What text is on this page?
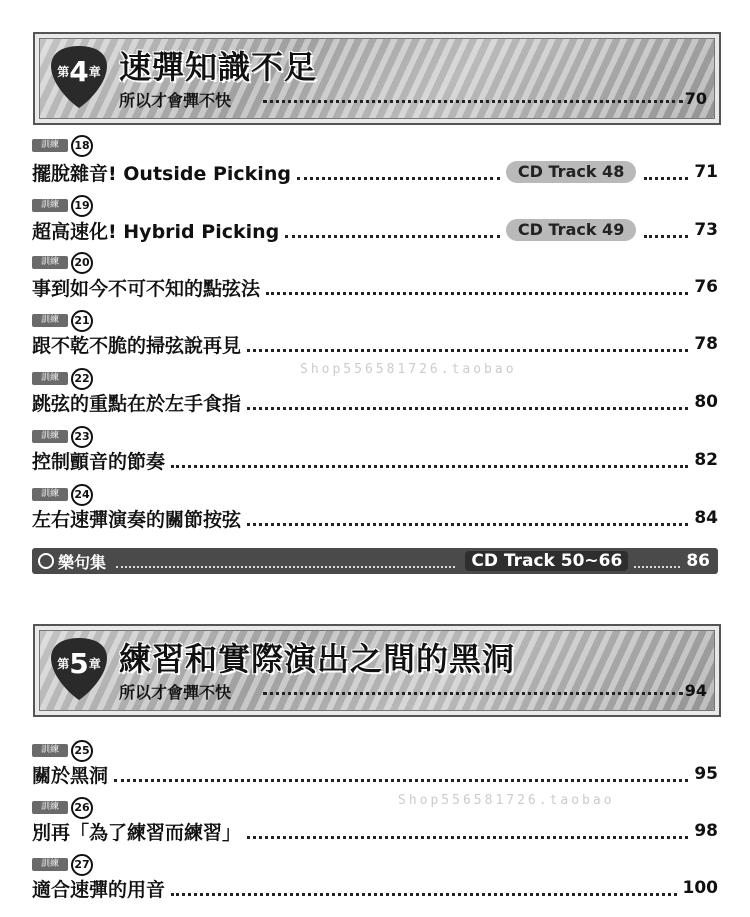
第4章 速彈知識不足
所以才會彈不快	70
訓練	18
擺脫雜音! Outside Picking	CD Track 48	71
訓練	19
超高速化! Hybrid Picking	CD Track 49	73
訓練	20
事到如今不可不知的點弦法	76
訓練	21
跟不乾不脆的掃弦說再見	78
訓練	22
跳弦的重點在於左手食指	80
訓練	23
控制顫音的節奏	82
訓練	24
左右速彈演奏的關節按弦	84
樂句集	CD Track 50~66	86
第5章 練習和實際演出之間的黑洞
所以才會彈不快	94
訓練	25
關於黑洞	95
訓練	26
別再「為了練習而練習」	98
訓練	27
適合速彈的用音	100
Shop556581726.taobao
Shop556581726.taobao
